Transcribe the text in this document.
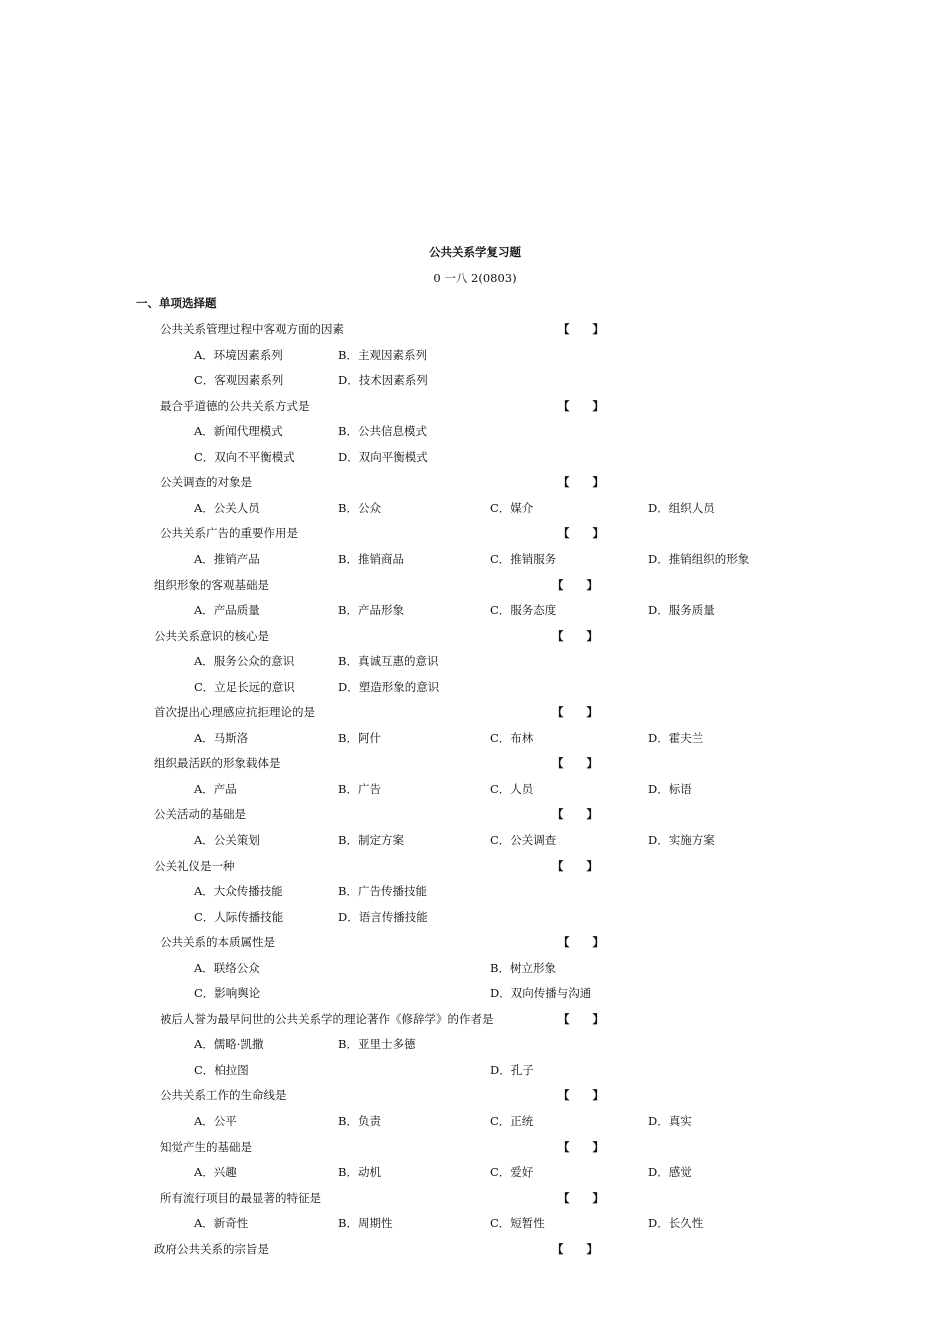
公共关系学复习题
0 一八 2(0803)
一、单项选择题
公共关系管理过程中客观方面的因素	【　　】
A．环境因素系列	B．主观因素系列
C．客观因素系列	D．技术因素系列
最合乎道德的公共关系方式是	【　　】
A．新闻代理模式	B．公共信息模式
C．双向不平衡模式	D．双向平衡模式
公关调查的对象是	【　　】
A．公关人员	B．公众	C．媒介	D．组织人员
公共关系广告的重要作用是	【　　】
A．推销产品	B．推销商品	C．推销服务	D．推销组织的形象
组织形象的客观基础是	【　　】
A．产品质量	B．产品形象	C．服务态度	D．服务质量
公共关系意识的核心是	【　　】
A．服务公众的意识	B．真诚互惠的意识
C．立足长远的意识	D．塑造形象的意识
首次提出心理感应抗拒理论的是	【　　】
A．马斯洛	B．阿什	C．布林	D．霍夫兰
组织最活跃的形象载体是	【　　】
A．产品	B．广告	C．人员	D．标语
公关活动的基础是	【　　】
A．公关策划	B．制定方案	C．公关调查	D．实施方案
公关礼仪是一种	【　　】
A．大众传播技能	B．广告传播技能
C．人际传播技能	D．语言传播技能
公共关系的本质属性是	【　　】
A．联络公众	B．树立形象
C．影响舆论	D．双向传播与沟通
被后人誉为最早问世的公共关系学的理论著作《修辞学》的作者是	【　　】
A．儒略·凯撒	B．亚里士多德
C．柏拉图	D．孔子
公共关系工作的生命线是	【　　】
A．公平	B．负责	C．正统	D．真实
知觉产生的基础是	【　　】
A．兴趣	B．动机	C．爱好	D．感觉
所有流行项目的最显著的特征是	【　　】
A．新奇性	B．周期性	C．短暂性	D．长久性
政府公共关系的宗旨是	【　　】
